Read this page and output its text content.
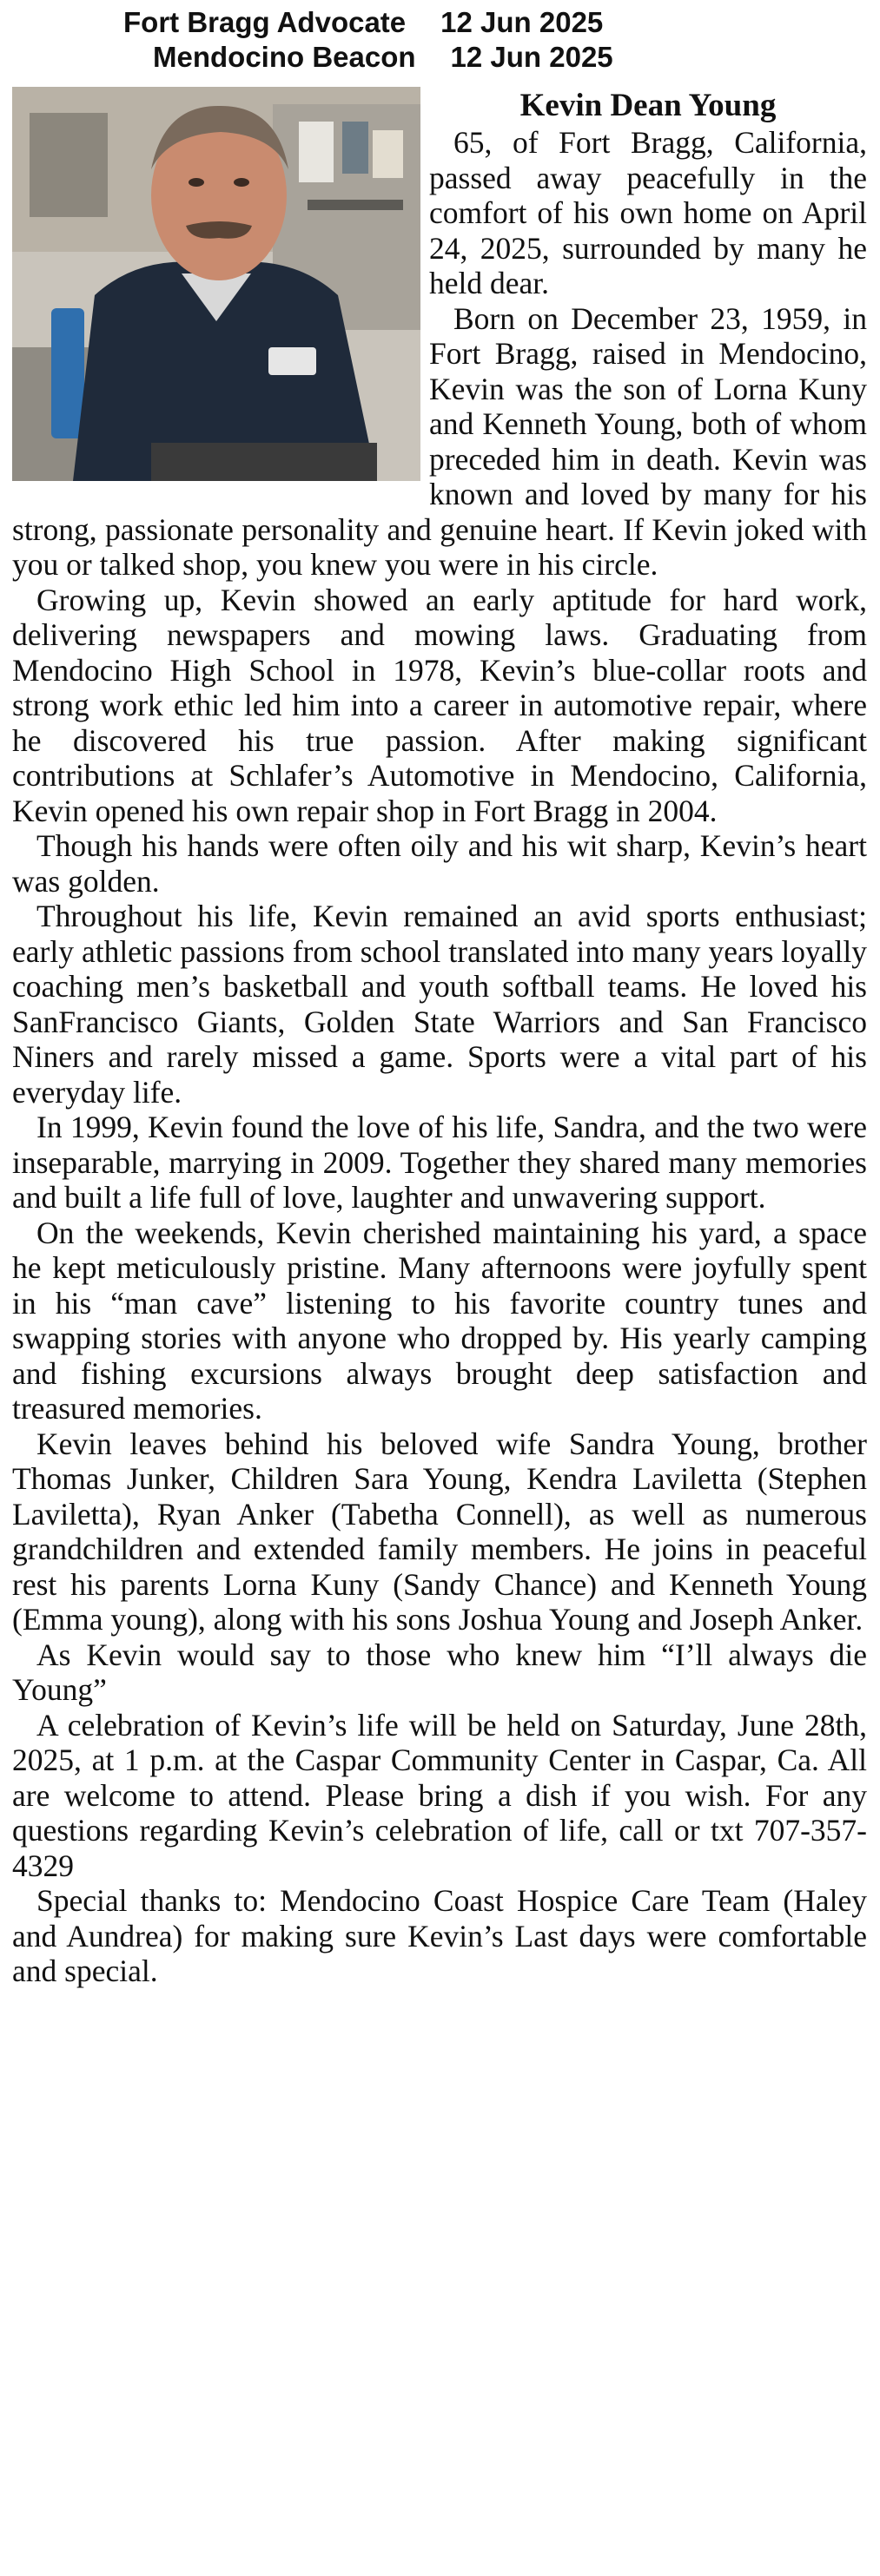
Fort Bragg Advocate 12 Jun 2025
Mendocino Beacon 12 Jun 2025
Kevin Dean Young

65, of Fort Bragg, California, passed away peacefully in the comfort of his own home on April 24, 2025, surrounded by many he held dear.

Born on December 23, 1959, in Fort Bragg, raised in Mendocino, Kevin was the son of Lorna Kuny and Kenneth Young, both of whom preceded him in death. Kevin was known and loved by many for his strong, passionate personality and genuine heart. If Kevin joked with you or talked shop, you knew you were in his circle.

Growing up, Kevin showed an early aptitude for hard work, delivering newspapers and mowing laws. Graduating from Mendocino High School in 1978, Kevin’s blue-collar roots and strong work ethic led him into a career in automotive repair, where he discovered his true passion. After making significant contributions at Schlafer’s Automotive in Mendocino, California, Kevin opened his own repair shop in Fort Bragg in 2004.

Though his hands were often oily and his wit sharp, Kevin’s heart was golden.

Throughout his life, Kevin remained an avid sports enthusiast; early athletic passions from school translated into many years loyally coaching men’s basketball and youth softball teams. He loved his SanFrancisco Giants, Golden State Warriors and San Francisco Niners and rarely missed a game. Sports were a vital part of his everyday life.

In 1999, Kevin found the love of his life, Sandra, and the two were inseparable, marrying in 2009. Together they shared many memories and built a life full of love, laughter and unwavering support.

On the weekends, Kevin cherished maintaining his yard, a space he kept meticulously pristine. Many afternoons were joyfully spent in his “man cave” listening to his favorite country tunes and swapping stories with anyone who dropped by. His yearly camping and fishing excursions always brought deep satisfaction and treasured memories.

Kevin leaves behind his beloved wife Sandra Young, brother Thomas Junker, Children Sara Young, Kendra Laviletta (Stephen Laviletta), Ryan Anker (Tabetha Connell), as well as numerous grandchildren and extended family members. He joins in peaceful rest his parents Lorna Kuny (Sandy Chance) and Kenneth Young (Emma young), along with his sons Joshua Young and Joseph Anker.

As Kevin would say to those who knew him “I’ll always die Young”

A celebration of Kevin’s life will be held on Saturday, June 28th, 2025, at 1 p.m. at the Caspar Community Center in Caspar, Ca. All are welcome to attend. Please bring a dish if you wish. For any questions regarding Kevin’s celebration of life, call or txt 707-357-4329

Special thanks to: Mendocino Coast Hospice Care Team (Haley and Aundrea) for making sure Kevin’s Last days were comfortable and special.
